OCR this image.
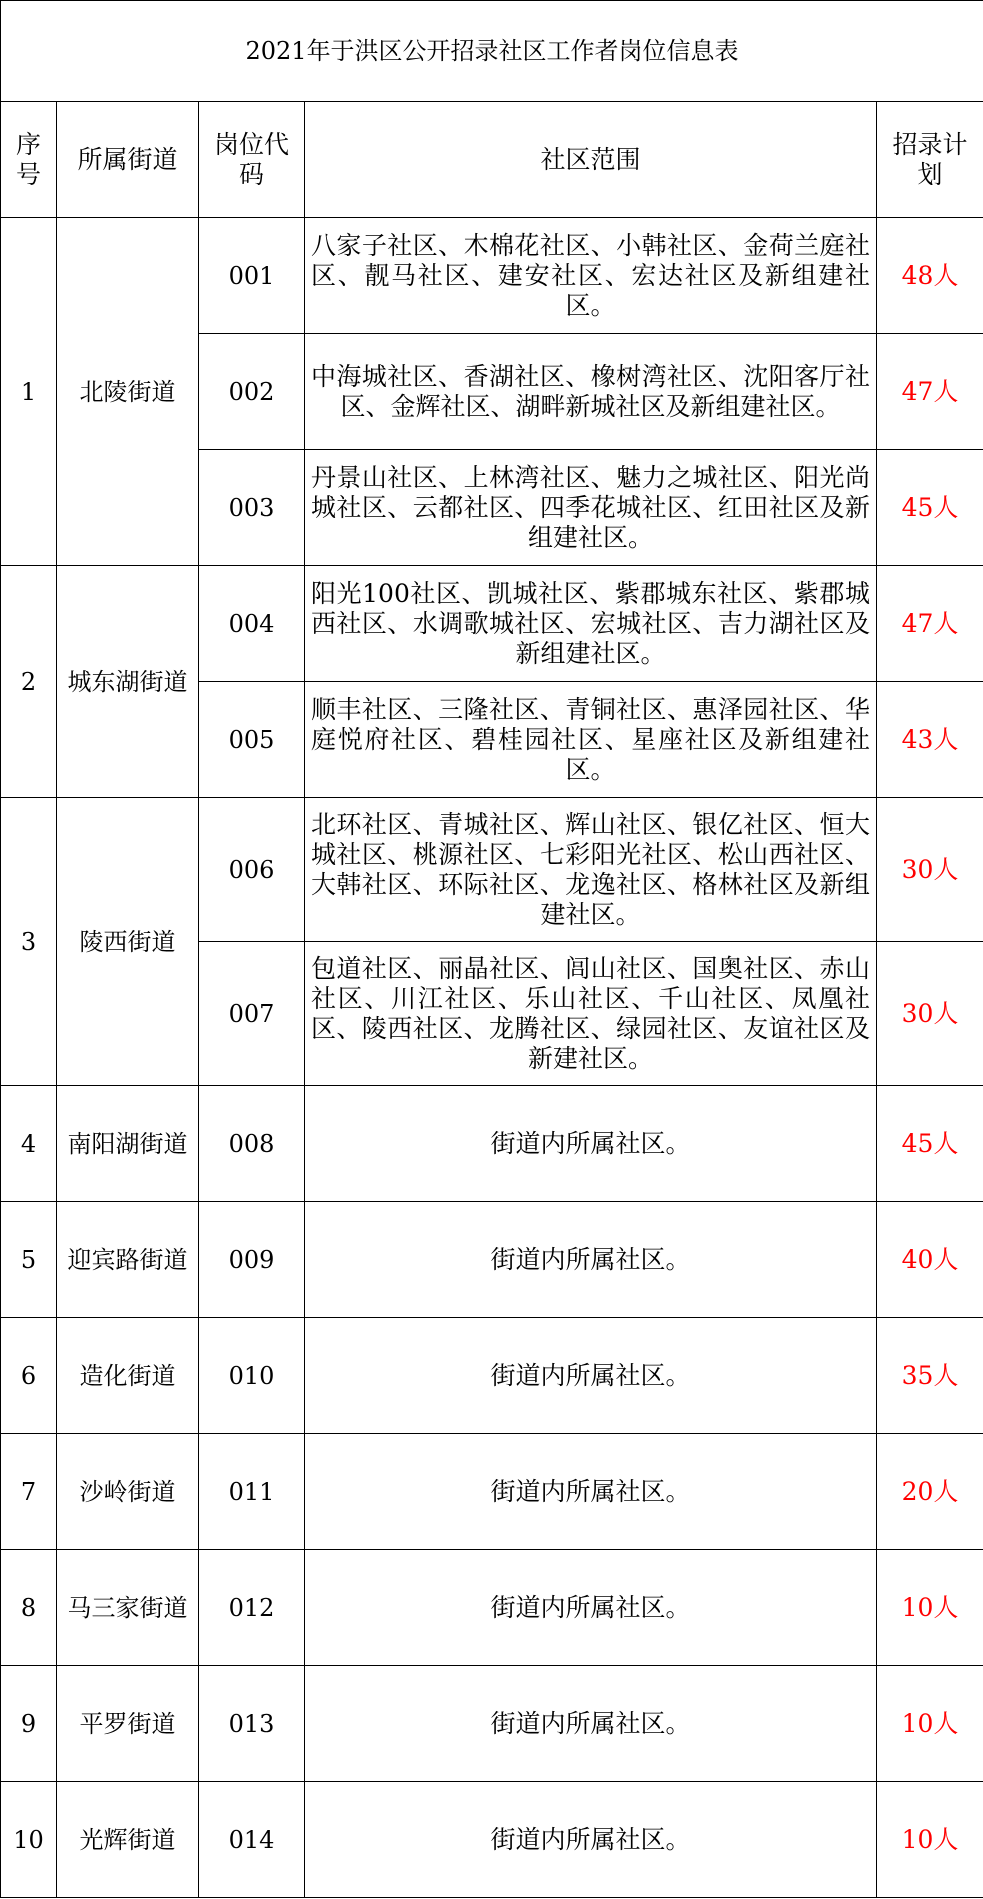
2021年于洪区公开招录社区工作者岗位信息表				
序号	所属街道	岗位代码	社区范围	招录计划
1	北陵街道	001	八家子社区、木棉花社区、小韩社区、金荷兰庭社区、靓马社区、建安社区、宏达社区及新组建社区。	48人
		002	中海城社区、香湖社区、橡树湾社区、沈阳客厅社区、金辉社区、湖畔新城社区及新组建社区。	47人
		003	丹景山社区、上林湾社区、魅力之城社区、阳光尚城社区、云都社区、四季花城社区、红田社区及新组建社区。	45人
2	城东湖街道	004	阳光100社区、凯城社区、紫郡城东社区、紫郡城西社区、水调歌城社区、宏城社区、吉力湖社区及新组建社区。	47人
		005	顺丰社区、三隆社区、青铜社区、惠泽园社区、华庭悦府社区、碧桂园社区、星座社区及新组建社区。	43人
3	陵西街道	006	北环社区、青城社区、辉山社区、银亿社区、恒大城社区、桃源社区、七彩阳光社区、松山西社区、大韩社区、环际社区、龙逸社区、格林社区及新组建社区。	30人
		007	包道社区、丽晶社区、闾山社区、国奥社区、赤山社区、川江社区、乐山社区、千山社区、凤凰社区、陵西社区、龙腾社区、绿园社区、友谊社区及新建社区。	30人
4	南阳湖街道	008	街道内所属社区。	45人
5	迎宾路街道	009	街道内所属社区。	40人
6	造化街道	010	街道内所属社区。	35人
7	沙岭街道	011	街道内所属社区。	20人
8	马三家街道	012	街道内所属社区。	10人
9	平罗街道	013	街道内所属社区。	10人
10	光辉街道	014	街道内所属社区。	10人
